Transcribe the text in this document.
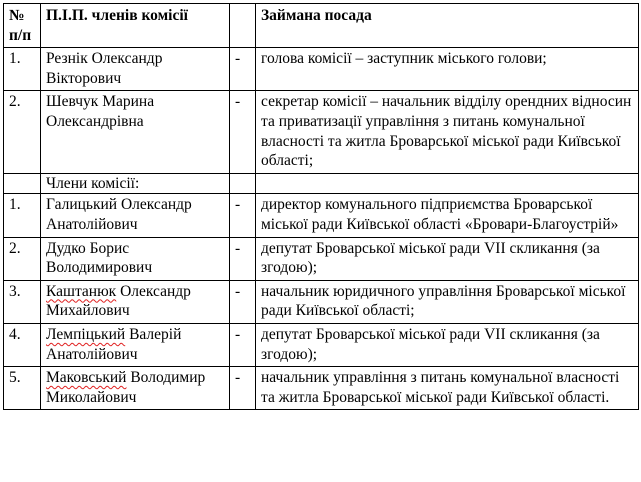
№ п/п	П.І.П. членів комісії		Займана посада
1.	Резнік Олександр Вікторович	-	голова комісії – заступник міського голови;
2.	Шевчук Марина Олександрівна	-	секретар комісії – начальник відділу орендних відносин та приватизації управління з питань комунальної власності та житла Броварської міської ради Київської області;
	Члени комісії:		
1.	Галицький Олександр Анатолійович	-	директор комунального підприємства Броварської міської ради Київської області «Бровари-Благоустрій»
2.	Дудко Борис Володимирович	-	депутат Броварської міської ради VII скликання (за згодою);
3.	Каштанюк Олександр Михайлович	-	начальник юридичного управління Броварської міської ради Київської області;
4.	Лемпіцький Валерій Анатолійович	-	депутат Броварської міської ради VII скликання (за згодою);
5.	Маковський Володимир Миколайович	-	начальник управління з питань комунальної власності та житла Броварської міської ради Київської області.
